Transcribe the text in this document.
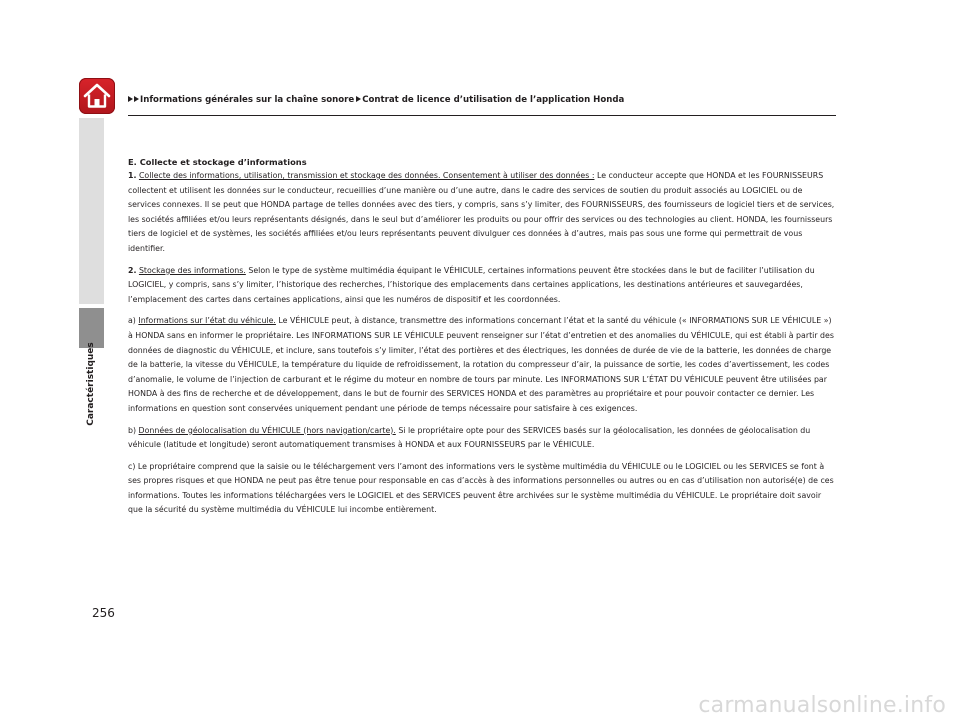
Informations générales sur la chaîne sonore Contrat de licence d’utilisation de l’application Honda
Caractéristiques
256
E. Collecte et stockage d’informations

1. Collecte des informations, utilisation, transmission et stockage des données. Consentement à utiliser des données : Le conducteur accepte que HONDA et les FOURNISSEURS collectent et utilisent les données sur le conducteur, recueillies d’une manière ou d’une autre, dans le cadre des services de soutien du produit associés au LOGICIEL ou de services connexes. Il se peut que HONDA partage de telles données avec des tiers, y compris, sans s’y limiter, des FOURNISSEURS, des fournisseurs de logiciel tiers et de services, les sociétés affiliées et/ou leurs représentants désignés, dans le seul but d’améliorer les produits ou pour offrir des services ou des technologies au client. HONDA, les fournisseurs tiers de logiciel et de systèmes, les sociétés affiliées et/ou leurs représentants peuvent divulguer ces données à d’autres, mais pas sous une forme qui permettrait de vous identifier.

2. Stockage des informations. Selon le type de système multimédia équipant le VÉHICULE, certaines informations peuvent être stockées dans le but de faciliter l’utilisation du LOGICIEL, y compris, sans s’y limiter, l’historique des recherches, l’historique des emplacements dans certaines applications, les destinations antérieures et sauvegardées, l’emplacement des cartes dans certaines applications, ainsi que les numéros de dispositif et les coordonnées.

a) Informations sur l’état du véhicule. Le VÉHICULE peut, à distance, transmettre des informations concernant l’état et la santé du véhicule (« INFORMATIONS SUR LE VÉHICULE ») à HONDA sans en informer le propriétaire. Les INFORMATIONS SUR LE VÉHICULE peuvent renseigner sur l’état d’entretien et des anomalies du VÉHICULE, qui est établi à partir des données de diagnostic du VÉHICULE, et inclure, sans toutefois s’y limiter, l’état des portières et des électriques, les données de durée de vie de la batterie, les données de charge de la batterie, la vitesse du VÉHICULE, la température du liquide de refroidissement, la rotation du compresseur d’air, la puissance de sortie, les codes d’avertissement, les codes d’anomalie, le volume de l’injection de carburant et le régime du moteur en nombre de tours par minute. Les INFORMATIONS SUR L’ÉTAT DU VÉHICULE peuvent être utilisées par HONDA à des fins de recherche et de développement, dans le but de fournir des SERVICES HONDA et des paramètres au propriétaire et pour pouvoir contacter ce dernier. Les informations en question sont conservées uniquement pendant une période de temps nécessaire pour satisfaire à ces exigences.

b) Données de géolocalisation du VÉHICULE (hors navigation/carte). Si le propriétaire opte pour des SERVICES basés sur la géolocalisation, les données de géolocalisation du véhicule (latitude et longitude) seront automatiquement transmises à HONDA et aux FOURNISSEURS par le VÉHICULE.

c) Le propriétaire comprend que la saisie ou le téléchargement vers l’amont des informations vers le système multimédia du VÉHICULE ou le LOGICIEL ou les SERVICES se font à ses propres risques et que HONDA ne peut pas être tenue pour responsable en cas d’accès à des informations personnelles ou autres ou en cas d’utilisation non autorisé(e) de ces informations. Toutes les informations téléchargées vers le LOGICIEL et des SERVICES peuvent être archivées sur le système multimédia du VÉHICULE. Le propriétaire doit savoir que la sécurité du système multimédia du VÉHICULE lui incombe entièrement.

carmanualsonline.info
